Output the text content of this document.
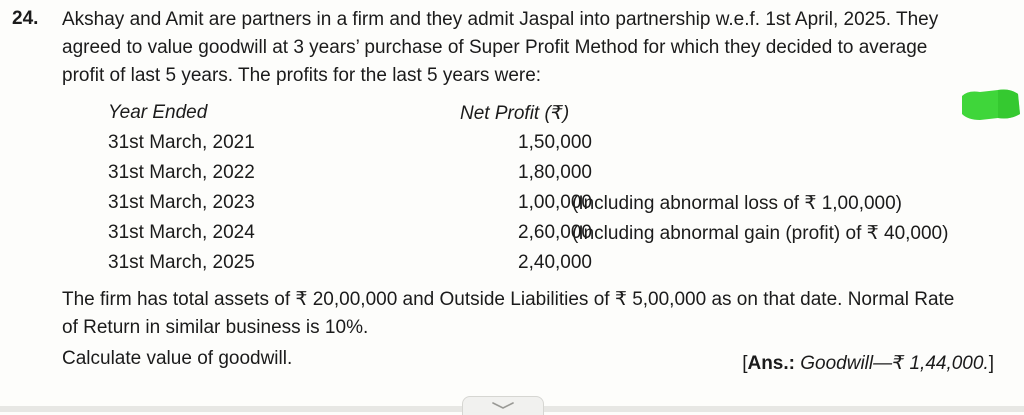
24. Akshay and Amit are partners in a firm and they admit Jaspal into partnership w.e.f. 1st April, 2025. They
agreed to value goodwill at 3 years’ purchase of Super Profit Method for which they decided to average
profit of last 5 years. The profits for the last 5 years were:

Year Ended	Net Profit (₹)
31st March, 2021	1,50,000
31st March, 2022	1,80,000
31st March, 2023	1,00,000
(Including abnormal loss of ₹ 1,00,000)
31st March, 2024	2,60,000
(Including abnormal gain (profit) of ₹ 40,000)
31st March, 2025	2,40,000

The firm has total assets of ₹ 20,00,000 and Outside Liabilities of ₹ 5,00,000 as on that date. Normal Rate
of Return in similar business is 10%.

Calculate value of goodwill.	[Ans.: Goodwill—₹ 1,44,000.]
